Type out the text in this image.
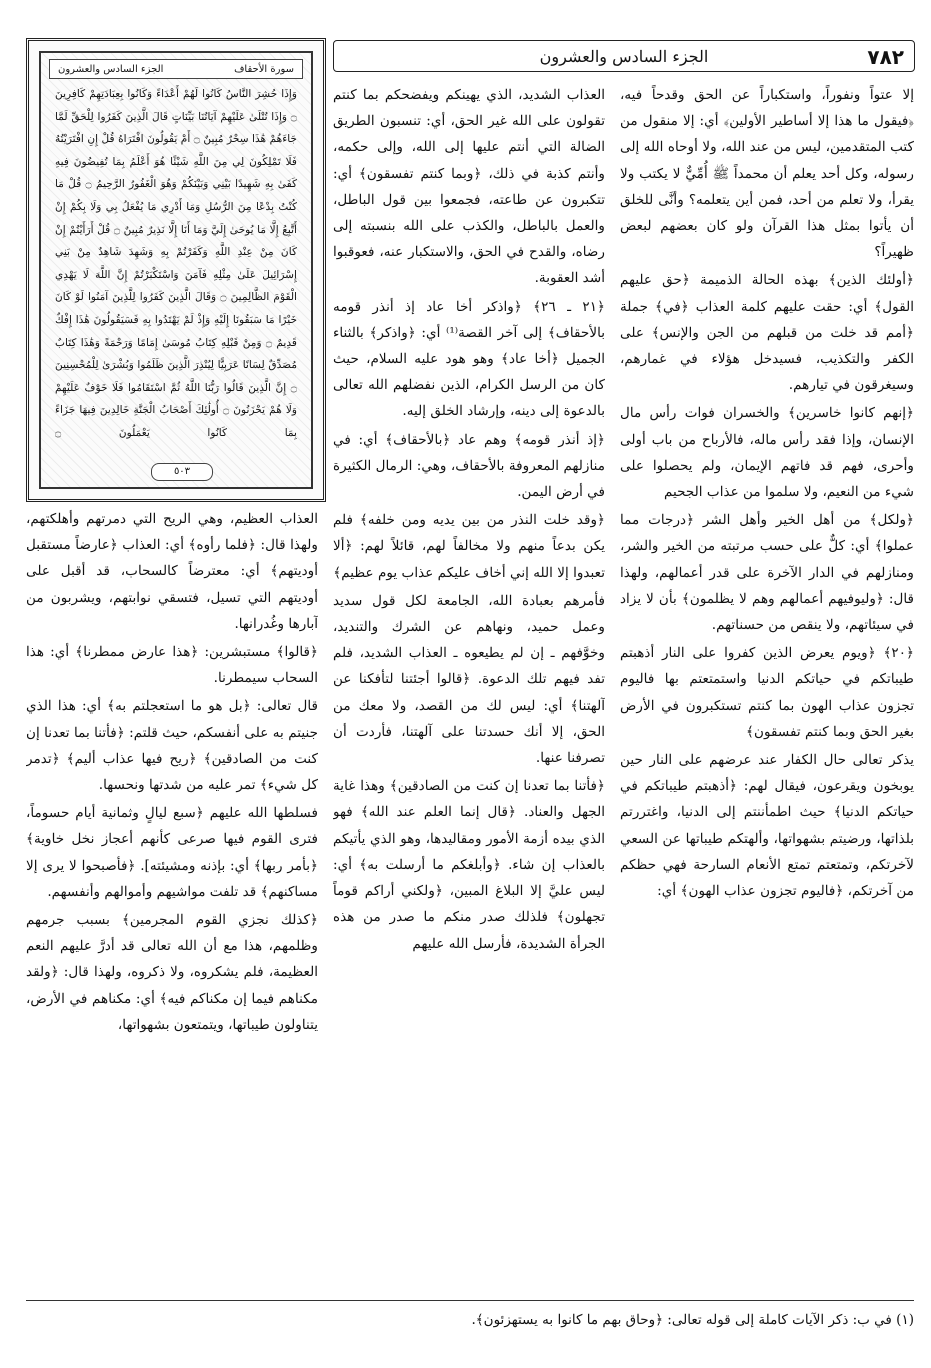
٧٨٢
الجزء السادس والعشرون
سورة الأحقاف
الجزء السادس والعشرون
وَإِذَا حُشِرَ النَّاسُ كَانُوا لَهُمْ أَعْدَاءً وَكَانُوا بِعِبَادَتِهِمْ كَافِرِينَ ۝ وَإِذَا تُتْلَىٰ عَلَيْهِمْ آيَاتُنَا بَيِّنَاتٍ قَالَ الَّذِينَ كَفَرُوا لِلْحَقِّ لَمَّا جَاءَهُمْ هَٰذَا سِحْرٌ مُبِينٌ ۝ أَمْ يَقُولُونَ افْتَرَاهُ قُلْ إِنِ افْتَرَيْتُهُ فَلَا تَمْلِكُونَ لِي مِنَ اللَّهِ شَيْئًا هُوَ أَعْلَمُ بِمَا تُفِيضُونَ فِيهِ كَفَىٰ بِهِ شَهِيدًا بَيْنِي وَبَيْنَكُمْ وَهُوَ الْغَفُورُ الرَّحِيمُ ۝ قُلْ مَا كُنْتُ بِدْعًا مِنَ الرُّسُلِ وَمَا أَدْرِي مَا يُفْعَلُ بِي وَلَا بِكُمْ إِنْ أَتَّبِعُ إِلَّا مَا يُوحَىٰ إِلَيَّ وَمَا أَنَا إِلَّا نَذِيرٌ مُبِينٌ ۝ قُلْ أَرَأَيْتُمْ إِنْ كَانَ مِنْ عِنْدِ اللَّهِ وَكَفَرْتُمْ بِهِ وَشَهِدَ شَاهِدٌ مِنْ بَنِي إِسْرَائِيلَ عَلَىٰ مِثْلِهِ فَآمَنَ وَاسْتَكْبَرْتُمْ إِنَّ اللَّهَ لَا يَهْدِي الْقَوْمَ الظَّالِمِينَ ۝ وَقَالَ الَّذِينَ كَفَرُوا لِلَّذِينَ آمَنُوا لَوْ كَانَ خَيْرًا مَا سَبَقُونَا إِلَيْهِ وَإِذْ لَمْ يَهْتَدُوا بِهِ فَسَيَقُولُونَ هَٰذَا إِفْكٌ قَدِيمٌ ۝ وَمِنْ قَبْلِهِ كِتَابُ مُوسَىٰ إِمَامًا وَرَحْمَةً وَهَٰذَا كِتَابٌ مُصَدِّقٌ لِسَانًا عَرَبِيًّا لِيُنْذِرَ الَّذِينَ ظَلَمُوا وَبُشْرَىٰ لِلْمُحْسِنِينَ ۝ إِنَّ الَّذِينَ قَالُوا رَبُّنَا اللَّهُ ثُمَّ اسْتَقَامُوا فَلَا خَوْفٌ عَلَيْهِمْ وَلَا هُمْ يَحْزَنُونَ ۝ أُولَٰئِكَ أَصْحَابُ الْجَنَّةِ خَالِدِينَ فِيهَا جَزَاءً بِمَا كَانُوا يَعْمَلُونَ ۝
٥٠٣

إلا عتواً ونفوراً، واستكباراً عن الحق وقدحاً فيه، ﴿فيقول ما هذا إلا أساطير الأولين﴾ أي: إلا منقول من كتب المتقدمين، ليس من عند الله، ولا أوحاه الله إلى رسوله، وكل أحد يعلم أن محمداً ﷺ أُمِّيٌّ لا يكتب ولا يقرأ، ولا تعلم من أحد، فمن أين يتعلمه؟ وأنَّى للخلق أن يأتوا بمثل هذا القرآن ولو كان بعضهم لبعض ظهيراً؟

﴿أولئك الذين﴾ بهذه الحالة الذميمة ﴿حق عليهم القول﴾ أي: حقت عليهم كلمة العذاب ﴿في﴾ جملة ﴿أمم قد خلت من قبلهم من الجن والإنس﴾ على الكفر والتكذيب، فسيدخل هؤلاء في غمارهم، وسيغرقون في تيارهم.

﴿إنهم كانوا خاسرين﴾ والخسران فوات رأس مال الإنسان، وإذا فقد رأس ماله، فالأرباح من باب أولى وأحرى، فهم قد فاتهم الإيمان، ولم يحصلوا على شيء من النعيم، ولا سلموا من عذاب الجحيم

﴿ولكل﴾ من أهل الخير وأهل الشر ﴿درجات مما عملوا﴾ أي: كلٌّ على حسب مرتبته من الخير والشر، ومنازلهم في الدار الآخرة على قدر أعمالهم، ولهذا قال: ﴿وليوفيهم أعمالهم وهم لا يظلمون﴾ بأن لا يزاد في سيئاتهم، ولا ينقص من حسناتهم.

﴿٢٠﴾ ﴿ويوم يعرض الذين كفروا على النار أذهبتم طيباتكم في حياتكم الدنيا واستمتعتم بها فاليوم تجزون عذاب الهون بما كنتم تستكبرون في الأرض بغير الحق وبما كنتم تفسقون﴾

يذكر تعالى حال الكفار عند عرضهم على النار حين يوبخون ويقرعون، فيقال لهم: ﴿أذهبتم طيباتكم في حياتكم الدنيا﴾ حيث اطمأننتم إلى الدنيا، واغتررتم بلذاتها، ورضيتم بشهواتها، وألهتكم طيباتها عن السعي لآخرتكم، وتمتعتم تمتع الأنعام السارحة فهي حظكم من آخرتكم، ﴿فاليوم تجزون عذاب الهون﴾ أي:

العذاب الشديد، الذي يهينكم ويفضحكم بما كنتم تقولون على الله غير الحق، أي: تنسبون الطريق الضالة التي أنتم عليها إلى الله، وإلى حكمه، وأنتم كذبة في ذلك، ﴿وبما كنتم تفسقون﴾ أي: تتكبرون عن طاعته، فجمعوا بين قول الباطل، والعمل بالباطل، والكذب على الله بنسبته إلى رضاه، والقدح في الحق، والاستكبار عنه، فعوقبوا أشد العقوبة.

﴿٢١ ـ ٢٦﴾ ﴿واذكر أخا عاد إذ أنذر قومه بالأحقاف﴾ إلى آخر القصة⁽¹⁾ أي: ﴿واذكر﴾ بالثناء الجميل ﴿أخا عاد﴾ وهو هود عليه السلام، حيث كان من الرسل الكرام، الذين نفضلهم الله تعالى بالدعوة إلى دينه، وإرشاد الخلق إليه.

﴿إذ أنذر قومه﴾ وهم عاد ﴿بالأحقاف﴾ أي: في منازلهم المعروفة بالأحقاف، وهي: الرمال الكثيرة في أرض اليمن.

﴿وقد خلت النذر من بين يديه ومن خلفه﴾ فلم يكن بدعاً منهم ولا مخالفاً لهم، قائلاً لهم: ﴿ألا تعبدوا إلا الله إني أخاف عليكم عذاب يوم عظيم﴾

فأمرهم بعبادة الله، الجامعة لكل قول سديد وعمل حميد، ونهاهم عن الشرك والتنديد، وخوَّفهم ـ إن لم يطيعوه ـ العذاب الشديد، فلم تفد فيهم تلك الدعوة. ﴿قالوا أجئتنا لتأفكنا عن آلهتنا﴾ أي: ليس لك من القصد، ولا معك من الحق، إلا أنك حسدتنا على آلهتنا، فأردت أن تصرفنا عنها.

﴿فأتنا بما تعدنا إن كنت من الصادقين﴾ وهذا غاية الجهل والعناد. ﴿قال إنما العلم عند الله﴾ فهو الذي بيده أزمة الأمور ومقاليدها، وهو الذي يأتيكم بالعذاب إن شاء. ﴿وأبلغكم ما أرسلت به﴾ أي: ليس عليَّ إلا البلاغ المبين، ﴿ولكني أراكم قوماً تجهلون﴾ فلذلك صدر منكم ما صدر من هذه الجرأة الشديدة، فأرسل الله عليهم

العذاب العظيم، وهي الريح التي دمرتهم وأهلكتهم، ولهذا قال: ﴿فلما رأوه﴾ أي: العذاب ﴿عارضاً مستقبل أوديتهم﴾ أي: معترضاً كالسحاب، قد أقبل على أوديتهم التي تسيل، فتسقي نوابتهم، ويشربون من آبارها وغُدرانها.

﴿قالوا﴾ مستبشرين: ﴿هذا عارض ممطرنا﴾ أي: هذا السحاب سيمطرنا.

قال تعالى: ﴿بل هو ما استعجلتم به﴾ أي: هذا الذي جنيتم به على أنفسكم، حيث قلتم: ﴿فأتنا بما تعدنا إن كنت من الصادقين﴾ ﴿ريح فيها عذاب أليم﴾ ﴿تدمر كل شيء﴾ تمر عليه من شدتها ونحسها.

فسلطها الله عليهم ﴿سبع ليالٍ وثمانية أيام حسوماً، فترى القوم فيها صرعى كأنهم أعجاز نخل خاوية﴾ ﴿بأمر ربها﴾ أي: بإذنه ومشيئته]. ﴿فأصبحوا لا يرى إلا مساكنهم﴾ قد تلفت مواشيهم وأموالهم وأنفسهم.

﴿كذلك نجزي القوم المجرمين﴾ بسبب جرمهم وظلمهم، هذا مع أن الله تعالى قد أدرَّ عليهم النعم العظيمة، فلم يشكروه، ولا ذكروه، ولهذا قال: ﴿ولقد مكناهم فيما إن مكناكم فيه﴾ أي: مكناهم في الأرض، يتناولون طيباتها، ويتمتعون بشهواتها،

(١) في ب: ذكر الآيات كاملة إلى قوله تعالى: ﴿وحاق بهم ما كانوا به يستهزئون﴾.
